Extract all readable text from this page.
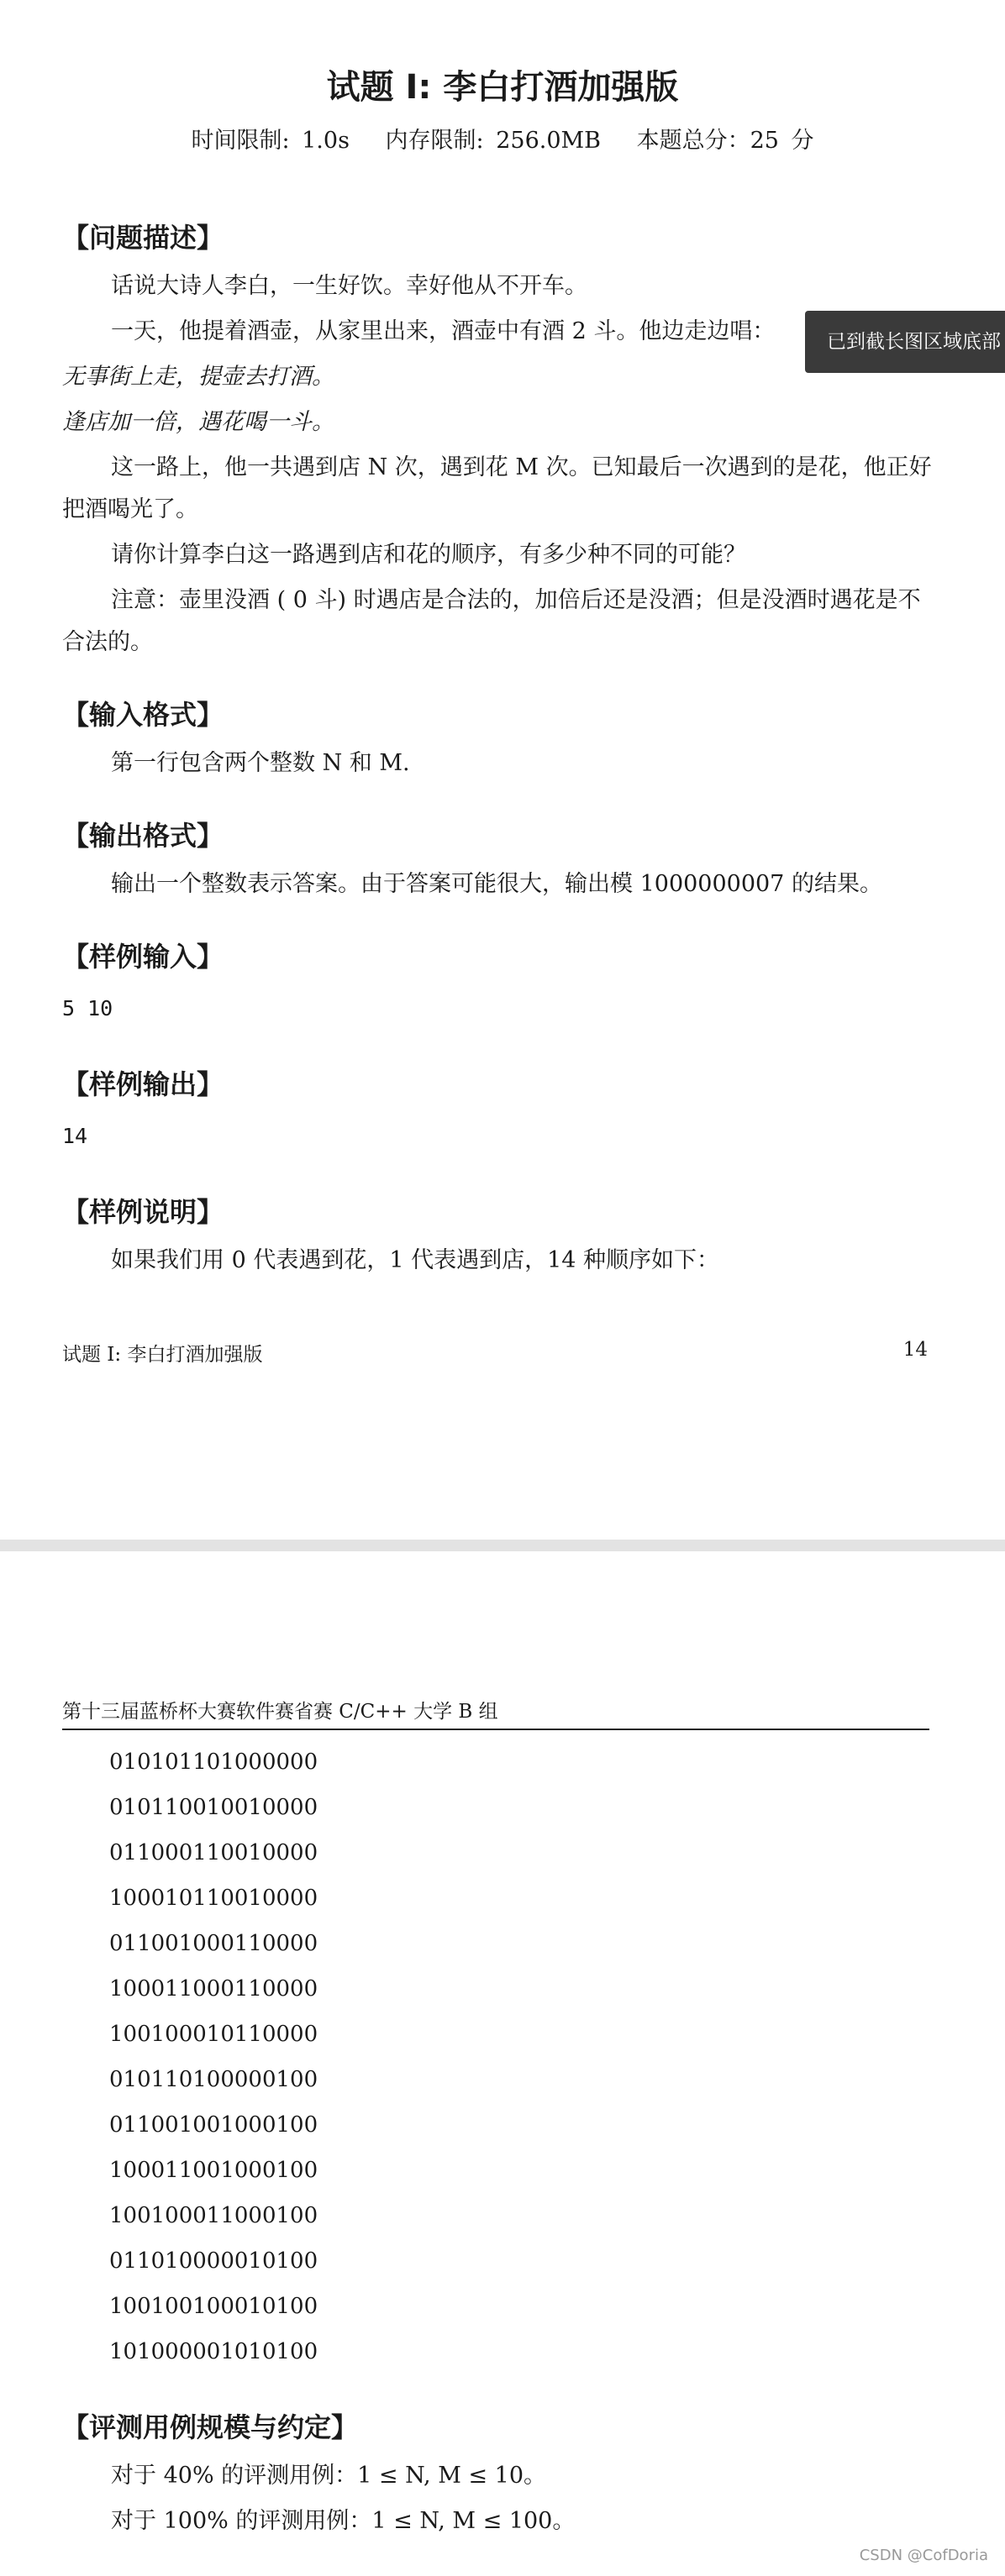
试题 I: 李白打酒加强版
时间限制: 1.0s 内存限制: 256.0MB 本题总分：25 分
【问题描述】
话说大诗人李白，一生好饮。幸好他从不开车。
一天，他提着酒壶，从家里出来，酒壶中有酒 2 斗。他边走边唱：
无事街上走，提壶去打酒。
逢店加一倍，遇花喝一斗。
这一路上，他一共遇到店 N 次，遇到花 M 次。已知最后一次遇到的是花，他正好把酒喝光了。
请你计算李白这一路遇到店和花的顺序，有多少种不同的可能？
注意：壶里没酒 ( 0 斗) 时遇店是合法的，加倍后还是没酒；但是没酒时遇花是不合法的。
【输入格式】
第一行包含两个整数 N 和 M.
【输出格式】
输出一个整数表示答案。由于答案可能很大，输出模 1000000007 的结果。
【样例输入】
5 10
【样例输出】
14
【样例说明】
如果我们用 0 代表遇到花，1 代表遇到店，14 种顺序如下：
试题 I: 李白打酒加强版	14
已到截长图区域底部
第十三届蓝桥杯大赛软件赛省赛 C/C++ 大学 B 组
010101101000000
010110010010000
011000110010000
100010110010000
011001000110000
100011000110000
100100010110000
010110100000100
011001001000100
100011001000100
100100011000100
011010000010100
100100100010100
101000001010100
【评测用例规模与约定】
对于 40% 的评测用例：1 ≤ N, M ≤ 10。
对于 100% 的评测用例：1 ≤ N, M ≤ 100。
CSDN @CofDoria
